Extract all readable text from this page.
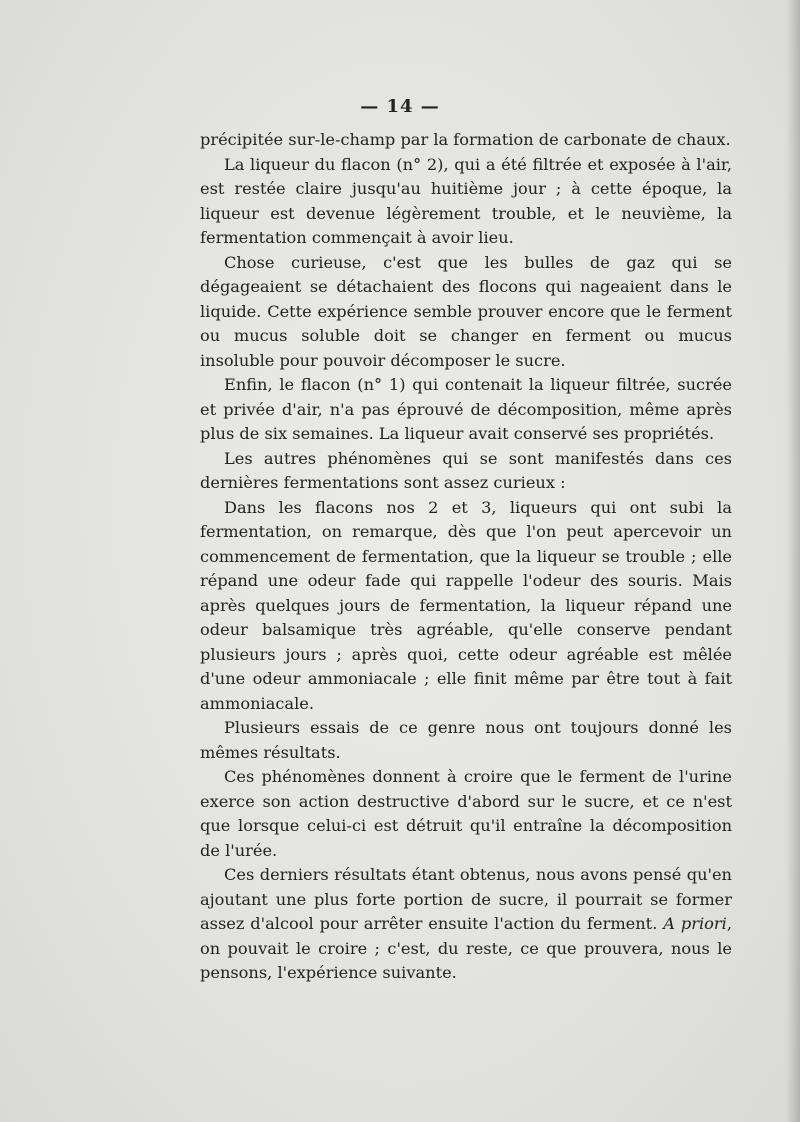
— 14 —

précipitée sur-le-champ par la formation de carbonate de chaux.

La liqueur du flacon (n° 2), qui a été filtrée et exposée à l'air, est restée claire jusqu'au huitième jour ; à cette époque, la liqueur est devenue légèrement trouble, et le neuvième, la fermentation commençait à avoir lieu.

Chose curieuse, c'est que les bulles de gaz qui se dégageaient se détachaient des flocons qui nageaient dans le liquide. Cette expérience semble prouver encore que le ferment ou mucus soluble doit se changer en ferment ou mucus insoluble pour pouvoir décomposer le sucre.

Enfin, le flacon (n° 1) qui contenait la liqueur filtrée, sucrée et privée d'air, n'a pas éprouvé de décomposition, même après plus de six semaines. La liqueur avait conservé ses propriétés.

Les autres phénomènes qui se sont manifestés dans ces dernières fermentations sont assez curieux :

Dans les flacons nos 2 et 3, liqueurs qui ont subi la fermentation, on remarque, dès que l'on peut apercevoir un commencement de fermentation, que la liqueur se trouble ; elle répand une odeur fade qui rappelle l'odeur des souris. Mais après quelques jours de fermentation, la liqueur répand une odeur balsamique très agréable, qu'elle conserve pendant plusieurs jours ; après quoi, cette odeur agréable est mêlée d'une odeur ammoniacale ; elle finit même par être tout à fait ammoniacale.

Plusieurs essais de ce genre nous ont toujours donné les mêmes résultats.

Ces phénomènes donnent à croire que le ferment de l'urine exerce son action destructive d'abord sur le sucre, et ce n'est que lorsque celui-ci est détruit qu'il entraîne la décomposition de l'urée.

Ces derniers résultats étant obtenus, nous avons pensé qu'en ajoutant une plus forte portion de sucre, il pourrait se former assez d'alcool pour arrêter ensuite l'action du ferment. A priori, on pouvait le croire ; c'est, du reste, ce que prouvera, nous le pensons, l'expérience suivante.
